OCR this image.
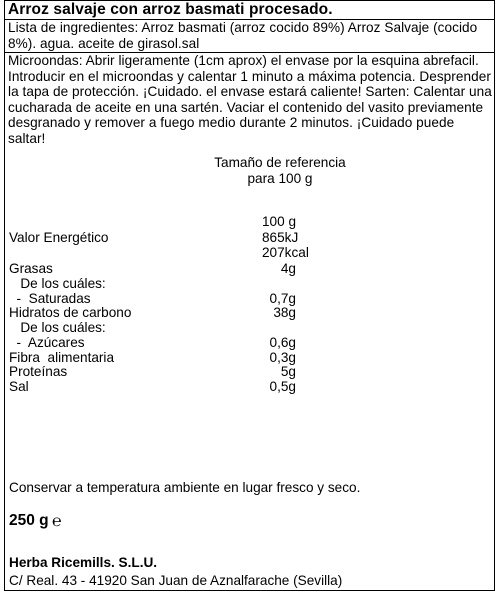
Arroz salvaje con arroz basmati procesado.
Lista de ingredientes: Arroz basmati (arroz cocido 89%) Arroz Salvaje (cocido 8%). agua. aceite de girasol.sal
Microondas: Abrir ligeramente (1cm aprox) el envase por la esquina abrefacil. Introducir en el microondas y calentar 1 minuto a máxima potencia. Desprender la tapa de protección. ¡Cuidado. el envase estará caliente! Sarten: Calentar una cucharada de aceite en una sartén. Vaciar el contenido del vasito previamente desgranado y remover a fuego medio durante 2 minutos. ¡Cuidado puede saltar!
Tamaño de referencia
para 100 g
100 g
Valor Energético	865kJ
207kcal
Grasas	4g
De los cuáles:
-  Saturadas	0,7g
Hidratos de carbono	38g
De los cuáles:
-  Azúcares	0,6g
Fibra  alimentaria	0,3g
Proteínas	5g
Sal	0,5g
Conservar a temperatura ambiente en lugar fresco y seco.
250 g ℮
Herba Ricemills. S.L.U.
C/ Real. 43 - 41920 San Juan de Aznalfarache (Sevilla)
